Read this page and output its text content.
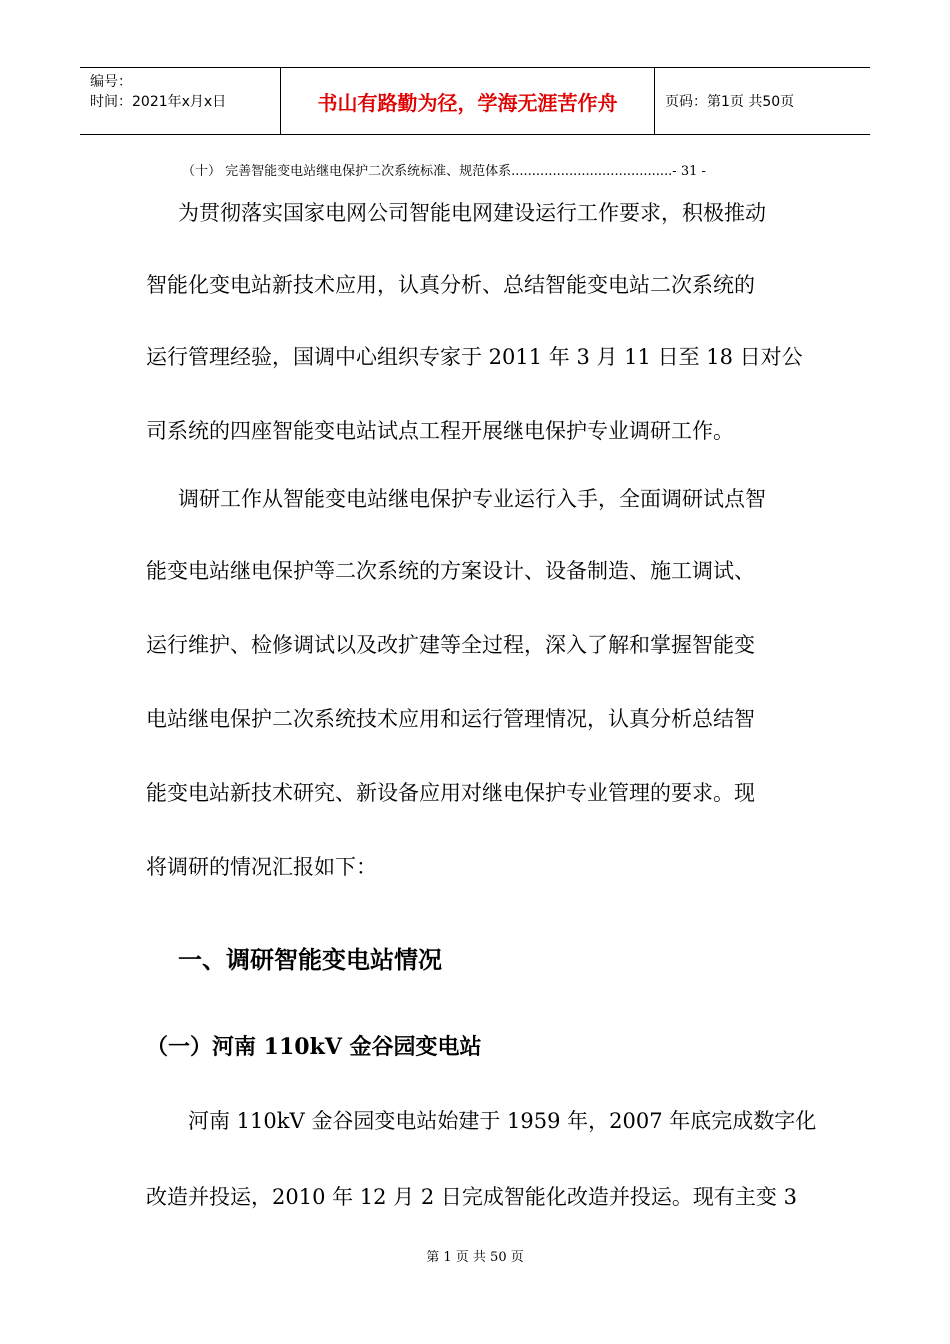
编号：
时间：2021年x月x日	书山有路勤为径，学海无涯苦作舟	页码：第1页 共50页
（十） 完善智能变电站继电保护二次系统标准、规范体系.......................................- 31 -
为贯彻落实国家电网公司智能电网建设运行工作要求，积极推动
智能化变电站新技术应用，认真分析、总结智能变电站二次系统的
运行管理经验，国调中心组织专家于 2011 年 3 月 11 日至 18 日对公
司系统的四座智能变电站试点工程开展继电保护专业调研工作。
调研工作从智能变电站继电保护专业运行入手，全面调研试点智
能变电站继电保护等二次系统的方案设计、设备制造、施工调试、
运行维护、检修调试以及改扩建等全过程，深入了解和掌握智能变
电站继电保护二次系统技术应用和运行管理情况，认真分析总结智
能变电站新技术研究、新设备应用对继电保护专业管理的要求。现
将调研的情况汇报如下：
一、调研智能变电站情况
（一）河南 110kV 金谷园变电站
河南 110kV 金谷园变电站始建于 1959 年，2007 年底完成数字化
改造并投运，2010 年 12 月 2 日完成智能化改造并投运。现有主变 3
第 1 页 共 50 页
